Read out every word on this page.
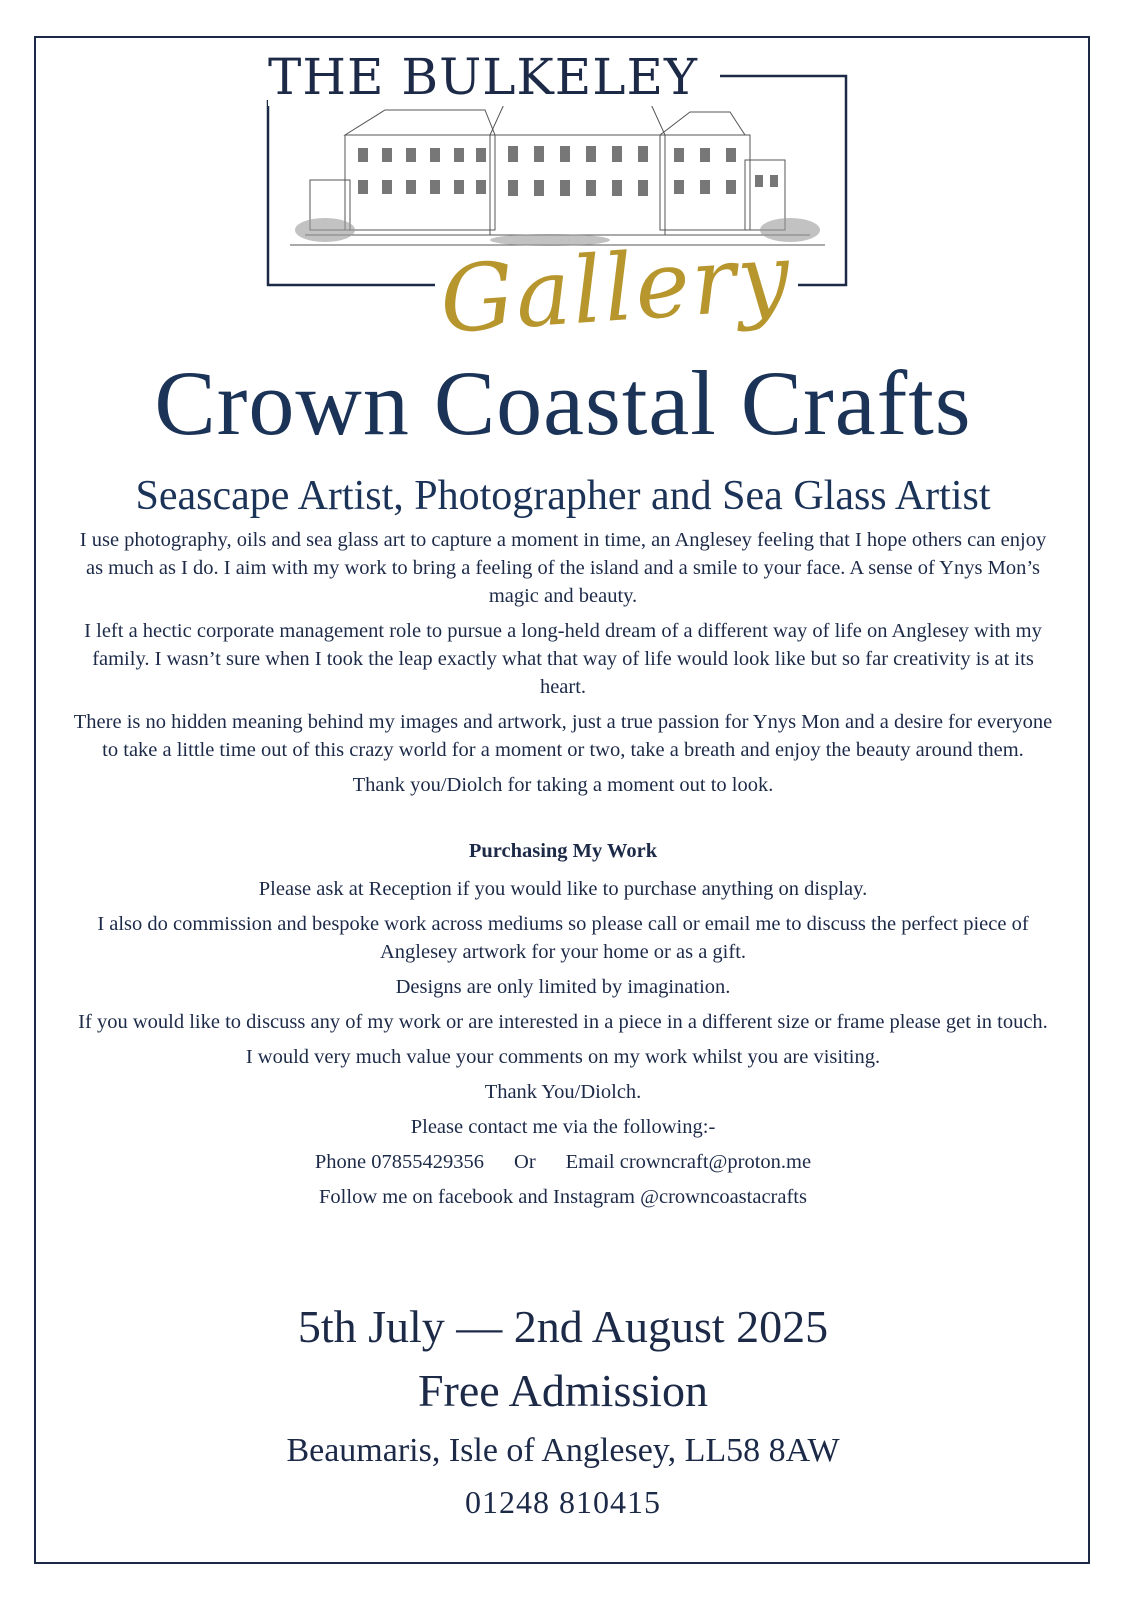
THE BULKELEY
Gallery
Crown Coastal Crafts
Seascape Artist, Photographer and Sea Glass Artist

I use photography, oils and sea glass art to capture a moment in time, an Anglesey feeling that I hope others can enjoy as much as I do. I aim with my work to bring a feeling of the island and a smile to your face. A sense of Ynys Mon’s magic and beauty.

I left a hectic corporate management role to pursue a long-held dream of a different way of life on Anglesey with my family. I wasn’t sure when I took the leap exactly what that way of life would look like but so far creativity is at its heart.

There is no hidden meaning behind my images and artwork, just a true passion for Ynys Mon and a desire for everyone to take a little time out of this crazy world for a moment or two, take a breath and enjoy the beauty around them.

Thank you/Diolch for taking a moment out to look.

Purchasing My Work

Please ask at Reception if you would like to purchase anything on display.

I also do commission and bespoke work across mediums so please call or email me to discuss the perfect piece of Anglesey artwork for your home or as a gift.

Designs are only limited by imagination.

If you would like to discuss any of my work or are interested in a piece in a different size or frame please get in touch.

I would very much value your comments on my work whilst you are visiting.

Thank You/Diolch.

Please contact me via the following:-

Phone 07855429356 Or Email crowncraft@proton.me

Follow me on facebook and Instagram @crowncoastacrafts

5th July — 2nd August 2025
Free Admission
Beaumaris, Isle of Anglesey, LL58 8AW
01248 810415
